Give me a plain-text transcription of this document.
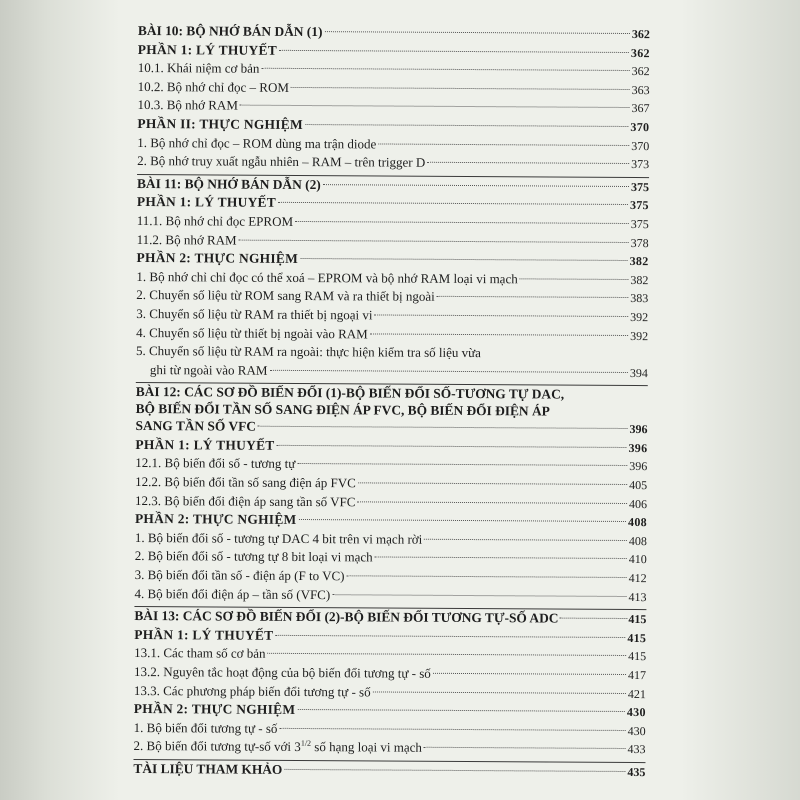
BÀI 10: BỘ NHỚ BÁN DẪN (1)	362
PHẦN 1: LÝ THUYẾT	362
10.1. Khái niệm cơ bản	362
10.2. Bộ nhớ chỉ đọc – ROM	363
10.3. Bộ nhớ RAM	367
PHẦN II: THỰC NGHIỆM	370
1. Bộ nhớ chỉ đọc – ROM dùng ma trận diode	370
2. Bộ nhớ truy xuất ngẫu nhiên – RAM – trên trigger D	373
BÀI 11: BỘ NHỚ BÁN DẪN (2)	375
PHẦN 1: LÝ THUYẾT	375
11.1. Bộ nhớ chỉ đọc EPROM	375
11.2. Bộ nhớ RAM	378
PHẦN 2: THỰC NGHIỆM	382
1. Bộ nhớ chỉ chỉ đọc có thể xoá – EPROM và bộ nhớ RAM loại vi mạch	382
2. Chuyển số liệu từ ROM sang RAM và ra thiết bị ngoài	383
3. Chuyển số liệu từ RAM ra thiết bị ngoại vi	392
4. Chuyển số liệu từ thiết bị ngoài vào RAM	392
5. Chuyển số liệu từ RAM ra ngoài: thực hiện kiểm tra số liệu vừa
ghi từ ngoài vào RAM	394
BÀI 12: CÁC SƠ ĐỒ BIẾN ĐỔI (1)-BỘ BIẾN ĐỔI SỐ-TƯƠNG TỰ DAC,
BỘ BIẾN ĐỔI TẦN SỐ SANG ĐIỆN ÁP FVC, BỘ BIẾN ĐỔI ĐIỆN ÁP
SANG TẦN SỐ VFC	396
PHẦN 1: LÝ THUYẾT	396
12.1. Bộ biến đổi số - tương tự	396
12.2. Bộ biến đổi tần số sang điện áp FVC	405
12.3. Bộ biến đổi điện áp sang tần số VFC	406
PHẦN 2: THỰC NGHIỆM	408
1. Bộ biến đổi số - tương tự DAC 4 bit trên vi mạch rời	408
2. Bộ biến đổi số - tương tự 8 bit loại vi mạch	410
3. Bộ biến đổi tần số - điện áp (F to VC)	412
4. Bộ biến đổi điện áp – tần số (VFC)	413
BÀI 13: CÁC SƠ ĐỒ BIẾN ĐỔI (2)-BỘ BIẾN ĐỔI TƯƠNG TỰ-SỐ ADC	415
PHẦN 1: LÝ THUYẾT	415
13.1. Các tham số cơ bản	415
13.2. Nguyên tắc hoạt động của bộ biến đổi tương tự - số	417
13.3. Các phương pháp biến đổi tương tự - số	421
PHẦN 2: THỰC NGHIỆM	430
1. Bộ biến đổi tương tự - số	430
2. Bộ biến đổi tương tự-số với $3^{1/2}$ số hạng loại vi mạch	433
TÀI LIỆU THAM KHẢO	435
